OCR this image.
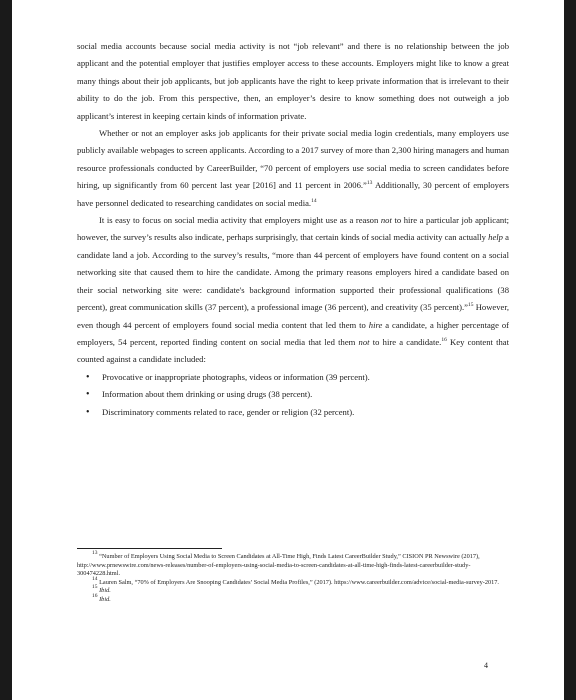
social media accounts because social media activity is not “job relevant” and there is no relationship between the job applicant and the potential employer that justifies employer access to these accounts. Employers might like to know a great many things about their job applicants, but job applicants have the right to keep private information that is irrelevant to their ability to do the job. From this perspective, then, an employer’s desire to know something does not outweigh a job applicant’s interest in keeping certain kinds of information private.

Whether or not an employer asks job applicants for their private social media login credentials, many employers use publicly available webpages to screen applicants. According to a 2017 survey of more than 2,300 hiring managers and human resource professionals conducted by CareerBuilder, “70 percent of employers use social media to screen candidates before hiring, up significantly from 60 percent last year [2016] and 11 percent in 2006.”$^{13}$ Additionally, 30 percent of employers have personnel dedicated to researching candidates on social media.$^{14}$

It is easy to focus on social media activity that employers might use as a reason not to hire a particular job applicant; however, the survey’s results also indicate, perhaps surprisingly, that certain kinds of social media activity can actually help a candidate land a job. According to the survey’s results, “more than 44 percent of employers have found content on a social networking site that caused them to hire the candidate. Among the primary reasons employers hired a candidate based on their social networking site were: candidate's background information supported their professional qualifications (38 percent), great communication skills (37 percent), a professional image (36 percent), and creativity (35 percent).”$^{15}$ However, even though 44 percent of employers found social media content that led them to hire a candidate, a higher percentage of employers, 54 percent, reported finding content on social media that led them not to hire a candidate.$^{16}$ Key content that counted against a candidate included:

• Provocative or inappropriate photographs, videos or information (39 percent).
• Information about them drinking or using drugs (38 percent).
• Discriminatory comments related to race, gender or religion (32 percent).

$^{13}$ “Number of Employers Using Social Media to Screen Candidates at All-Time High, Finds Latest CareerBuilder Study,” CISION PR Newswire (2017), http://www.prnewswire.com/news-releases/number-of-employers-using-social-media-to-screen-candidates-at-all-time-high-finds-latest-careerbuilder-study-300474228.html.

$^{14}$ Lauren Salm, “70% of Employers Are Snooping Candidates’ Social Media Profiles,” (2017). https://www.careerbuilder.com/advice/social-media-survey-2017.

$^{15}$ Ibid.

$^{16}$ Ibid.

4
